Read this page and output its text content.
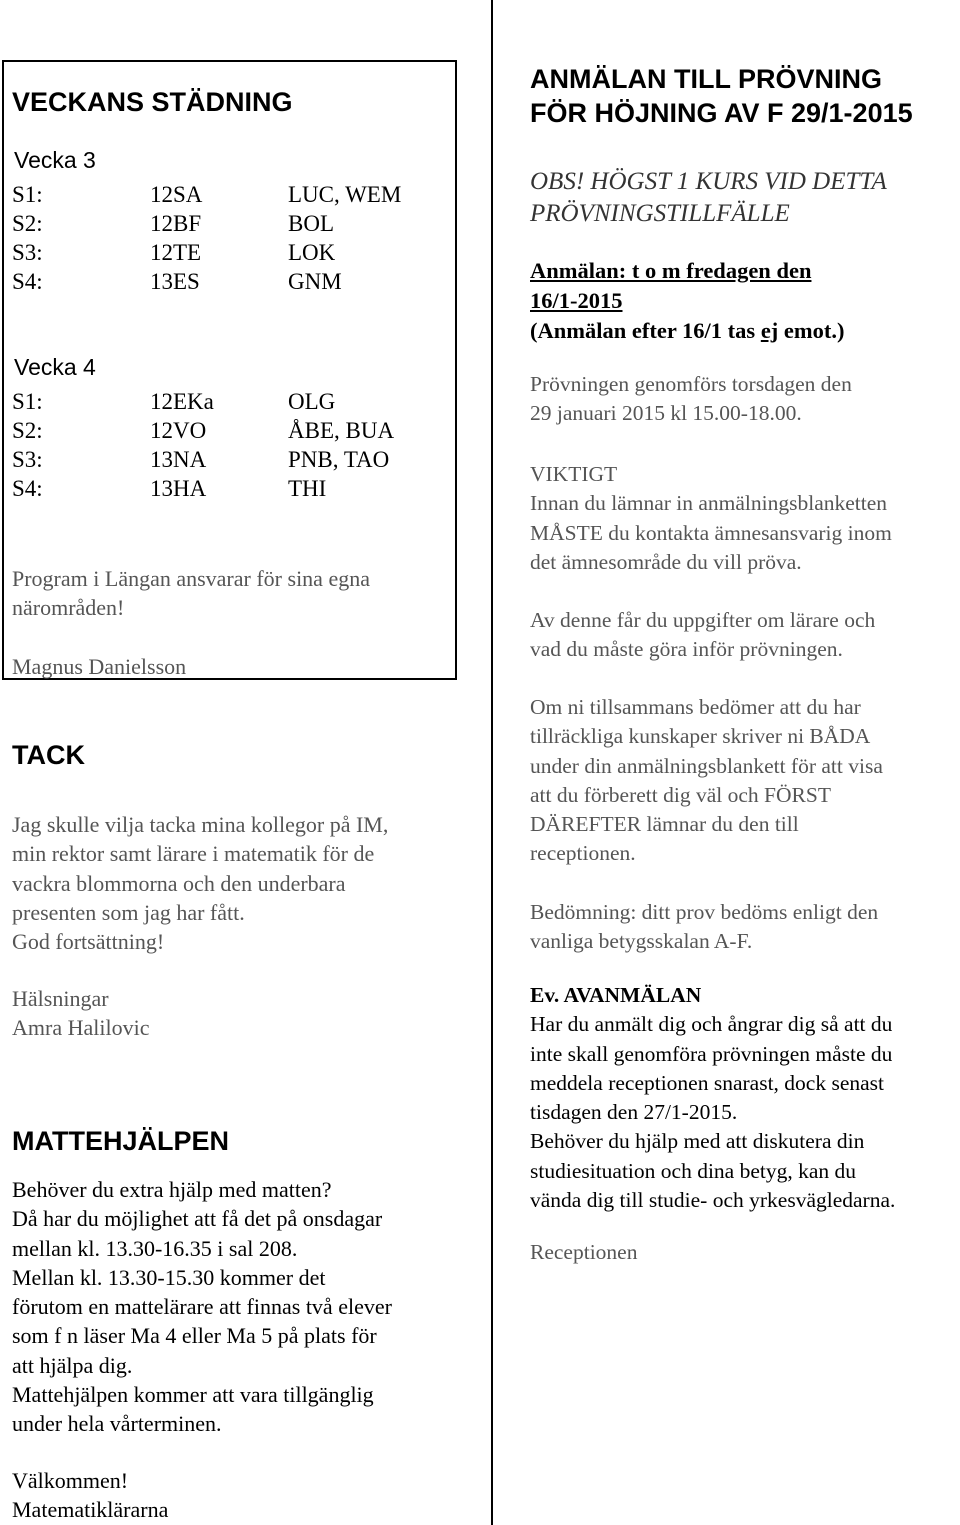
VECKANS STÄDNING
Vecka 3
S1:	12SA	LUC, WEM
S2:	12BF	BOL
S3:	12TE	LOK
S4:	13ES	GNM
Vecka 4
S1:	12EKa	OLG
S2:	12VO	ÅBE, BUA
S3:	13NA	PNB, TAO
S4:	13HA	THI
Program i Längan ansvarar för sina egna
närområden!
Magnus Danielsson
TACK
Jag skulle vilja tacka mina kollegor på IM,
min rektor samt lärare i matematik för de
vackra blommorna och den underbara
presenten som jag har fått.
God fortsättning!
Hälsningar
Amra Halilovic
MATTEHJÄLPEN
Behöver du extra hjälp med matten?
Då har du möjlighet att få det på onsdagar
mellan kl. 13.30-16.35 i sal 208.
Mellan kl. 13.30-15.30 kommer det
förutom en mattelärare att finnas två elever
som f n läser Ma 4 eller Ma 5 på plats för
att hjälpa dig.
Mattehjälpen kommer att vara tillgänglig
under hela vårterminen.
Välkommen!
Matematiklärarna
ANMÄLAN TILL PRÖVNING
FÖR HÖJNING AV F 29/1-2015
OBS! HÖGST 1 KURS VID DETTA
PRÖVNINGSTILLFÄLLE
Anmälan: t o m fredagen den
16/1-2015
(Anmälan efter 16/1 tas ej emot.)
Prövningen genomförs torsdagen den
29 januari 2015 kl 15.00-18.00.
VIKTIGT
Innan du lämnar in anmälningsblanketten
MÅSTE du kontakta ämnesansvarig inom
det ämnesområde du vill pröva.
Av denne får du uppgifter om lärare och
vad du måste göra inför prövningen.
Om ni tillsammans bedömer att du har
tillräckliga kunskaper skriver ni BÅDA
under din anmälningsblankett för att visa
att du förberett dig väl och FÖRST
DÄREFTER lämnar du den till
receptionen.
Bedömning: ditt prov bedöms enligt den
vanliga betygsskalan A-F.
Ev. AVANMÄLAN
Har du anmält dig och ångrar dig så att du
inte skall genomföra prövningen måste du
meddela receptionen snarast, dock senast
tisdagen den 27/1-2015.
Behöver du hjälp med att diskutera din
studiesituation och dina betyg, kan du
vända dig till studie- och yrkesvägledarna.
Receptionen
